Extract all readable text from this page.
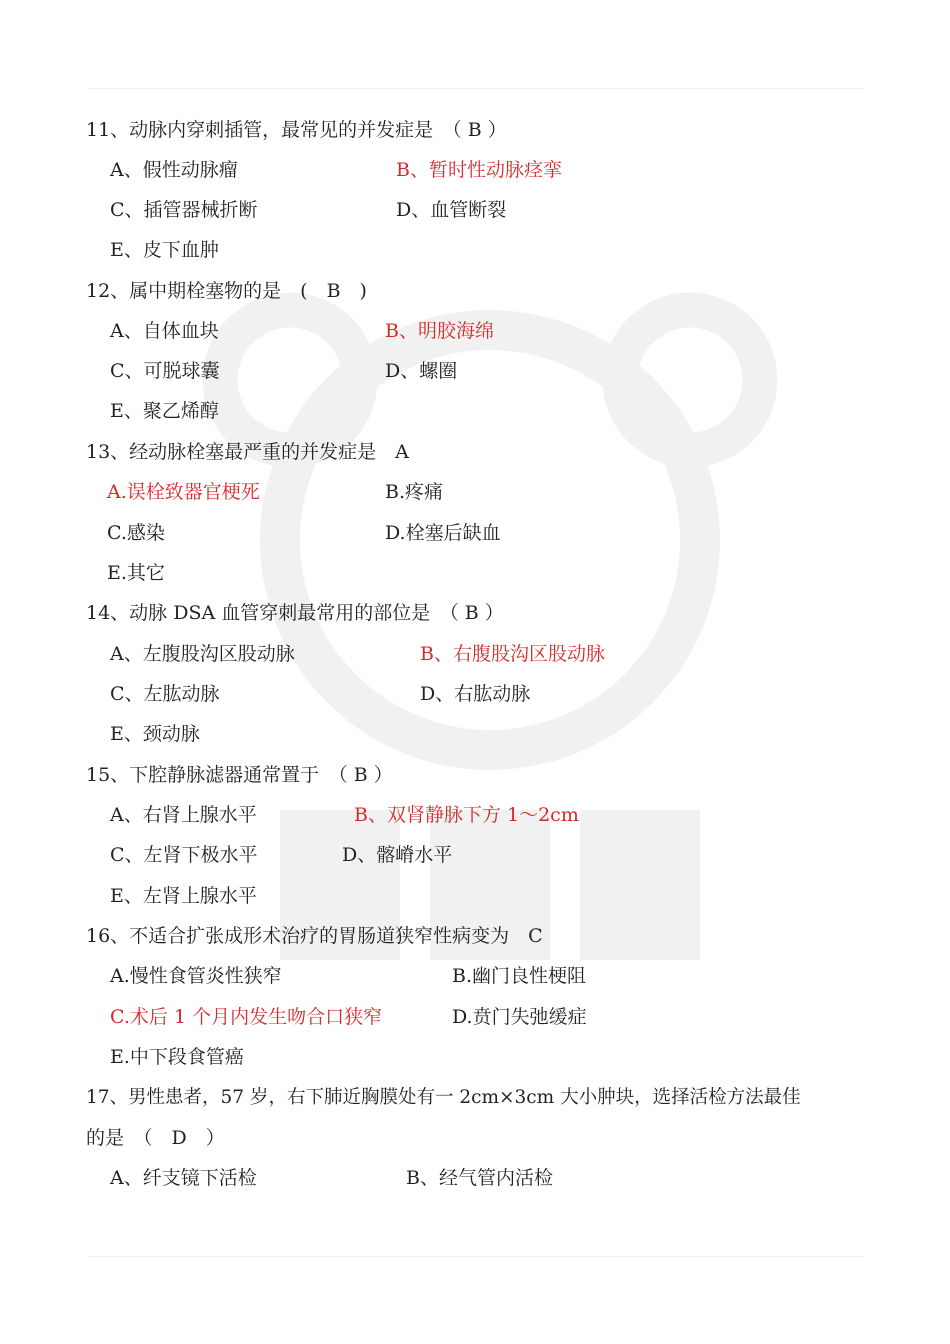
11、动脉内穿刺插管，最常见的并发症是　（ B ）
A、假性动脉瘤	B、暂时性动脉痉挛
C、插管器械折断	D、血管断裂
E、皮下血肿
12、属中期栓塞物的是　(　B　)
A、自体血块	B、明胶海绵
C、可脱球囊	D、螺圈
E、聚乙烯醇
13、经动脉栓塞最严重的并发症是　A
A.误栓致器官梗死	B.疼痛
C.感染	D.栓塞后缺血
E.其它
14、动脉 DSA 血管穿刺最常用的部位是　（ B ）
A、左腹股沟区股动脉	B、右腹股沟区股动脉
C、左肱动脉	D、右肱动脉
E、颈动脉
15、下腔静脉滤器通常置于　（ B ）
A、右肾上腺水平	B、双肾静脉下方 1～2cm
C、左肾下极水平	D、髂嵴水平
E、左肾上腺水平
16、不适合扩张成形术治疗的胃肠道狭窄性病变为　C
A.慢性食管炎性狭窄	B.幽门良性梗阻
C.术后 1 个月内发生吻合口狭窄	D.贲门失弛缓症
E.中下段食管癌
17、男性患者，57 岁，右下肺近胸膜处有一 2cm×3cm 大小肿块，选择活检方法最佳
的是　（　D　）
A、纤支镜下活检	B、经气管内活检
